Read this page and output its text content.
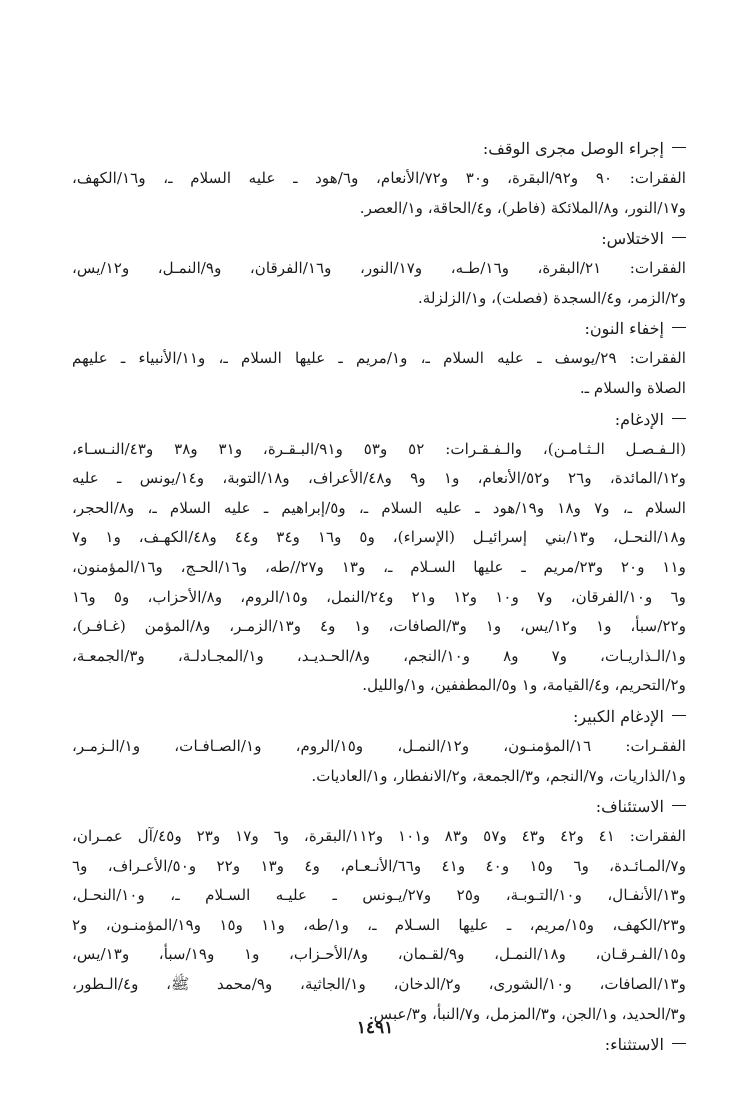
إجراء الوصل مجرى الوقف:
الفقرات: ٩٠ و٩٢/البقرة، و٣٠ و٧٢/الأنعام، و٦/هود ـ عليه السلام ـ، و١٦/الكهف،
و١٧/النور، و٨/الملائكة (فاطر)، و٤/الحاقة، و١/العصر.
الاختلاس:
الفقرات: ٢١/البقرة، و١٦/طـه، و١٧/النور، و١٦/الفرقان، و٩/النمـل، و١٢/يس،
و٢/الزمر، و٤/السجدة (فصلت)، و١/الزلزلة.
إخفاء النون:
الفقرات: ٢٩/يوسف ـ عليه السلام ـ، و١/مريم ـ عليها السلام ـ، و١١/الأنبياء ـ عليهم
الصلاة والسلام ـ.
الإدغام:
(الـفـصـل الـثـامـن)، والـفـقـرات: ٥٢ و٥٣ و٩١/البـقـرة، و٣١ و٣٨ و٤٣/النـسـاء،
و١٢/المائدة، و٢٦ و٥٢/الأنعام، و١ و٩ و٤٨/الأعراف، و١٨/التوبة، و١٤/يونس ـ عليه
السلام ـ، و٧ و١٨ و١٩/هود ـ عليه السلام ـ، و٥/إبراهيم ـ عليه السلام ـ، و٨/الحجر،
و١٨/النحـل، و١٣/بني إسرائيـل (الإسراء)، و٥ و١٦ و٣٤ و٤٤ و٤٨/الكهـف، و١ و٧
و١١ و٢٠ و٢٣/مريم ـ عليها السـلام ـ، و١٣ و٢٧//طه، و١٦/الحـج، و١٦/المؤمنون،
و٦ و١٠/الفرقان، و٧ و١٠ و١٢ و٢١ و٢٤/النمل، و١٥/الروم، و٨/الأحزاب، و٥ و١٦
و٢٢/سبأ، و١ و١٢/يس، و١ و٣/الصافات، و١ و٤ و١٣/الزمـر، و٨/المؤمن (غـافـر)،
و١/الـذاريـات، و٧ و٨ و١٠/النجم، و٨/الحـديـد، و١/المجـادلـة، و٣/الجمعـة،
و٢/التحريم، و٤/القيامة، و١ و٥/المطففين، و١/والليل.
الإدغام الكبير:
الفقـرات: ١٦/المؤمنـون، و١٢/النمـل، و١٥/الروم، و١/الصـافـات، و١/الـزمـر،
و١/الذاريات، و٧/النجم، و٣/الجمعة، و٢/الانفطار، و١/العاديات.
الاستئناف:
الفقرات: ٤١ و٤٢ و٤٣ و٥٧ و٨٣ و١٠١ و١١٢/البقرة، و٦ و١٧ و٢٣ و٤٥/آل عمـران،
و٧/المـائـدة، و٦ و١٥ و٤٠ و٤١ و٦٦/الأنـعـام، و٤ و١٣ و٢٢ و٥٠/الأعـراف، و٦
و١٣/الأنفـال، و١٠/التـوبـة، و٢٥ و٢٧/يـونس ـ عليـه السـلام ـ، و١٠/النحـل،
و٢٣/الكهف، و١٥/مريم، ـ عليها السـلام ـ، و١/طه، و١١ و١٥ و١٩/المؤمنـون، و٢
و١٥/الفـرقـان، و١٨/النمـل، و٩/لقـمان، و٨/الأحـزاب، و١ و١٩/سبأ، و١٣/يس،
و١٣/الصافات، و١٠/الشورى، و٢/الدخان، و١/الجاثية، و٩/محمد ﷺ، و٤/الـطور،
و٣/الحديد، و١/الجن، و٣/المزمل، و٧/النبأ، و٣/عبس.
الاستثناء:
١٤٩١
